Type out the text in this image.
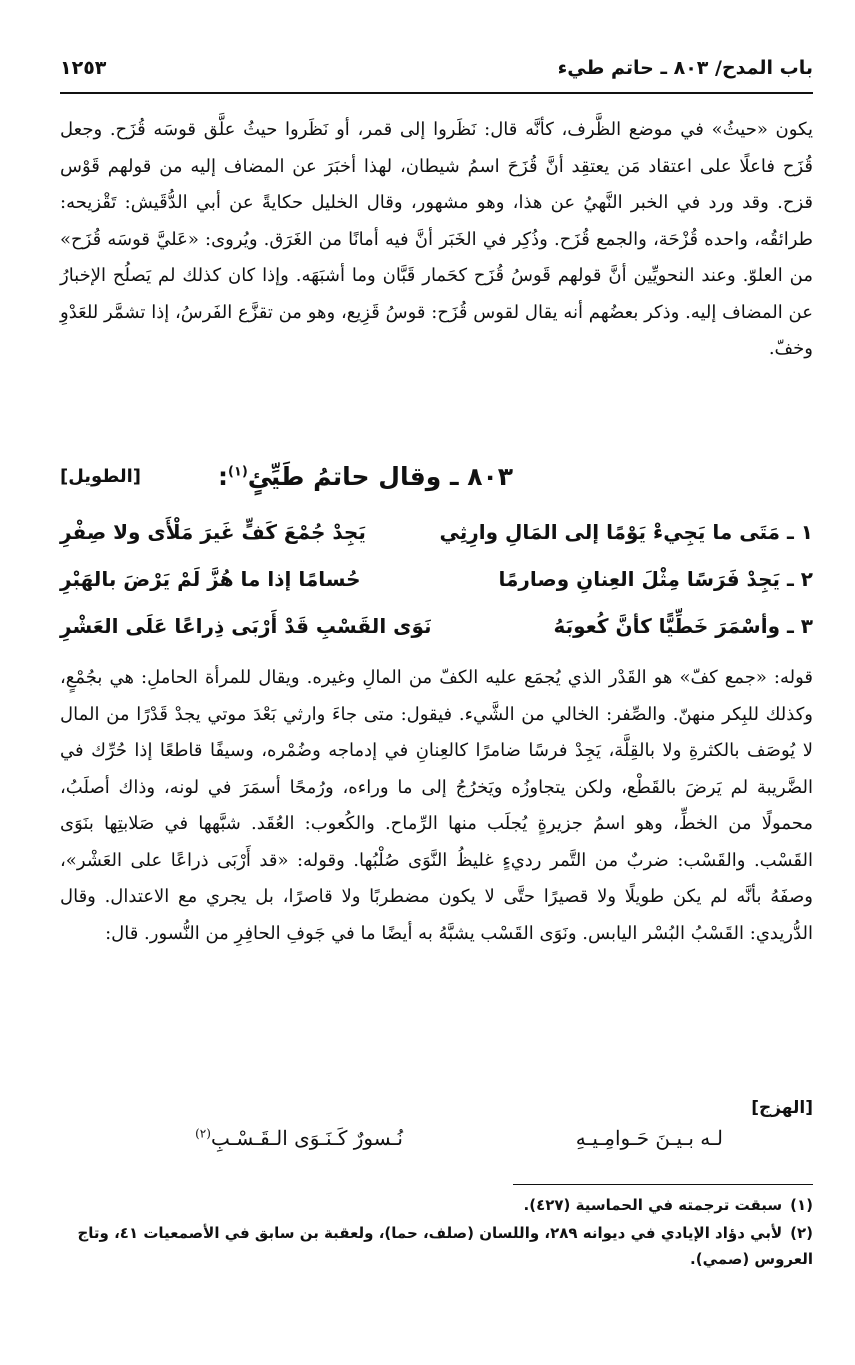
باب المدح/ ٨٠٣ ـ حاتم طيء
١٢٥٣

يكون «حيثُ» في موضع الظَّرف، كأنَّه قال: نَظَروا إلى قمر، أو نَظَروا حيثُ علَّق قوسَه قُزَح. وجعل قُزَح فاعلًا على اعتقاد مَن يعتقِد أنَّ قُزَحَ اسمُ شيطان، لهذا أخبَرَ عن المضاف إليه من قولهم قَوْس قزح. وقد ورد في الخبر النَّهيُ عن هذا، وهو مشهور، وقال الخليل حكايةً عن أبي الدُّقَيش: تَقْزيحه: طرائقُه، واحده قُزْحَة، والجمع قُزَح. وذُكِر في الخَبَر أنَّ فيه أمانًا من الغَرَق. ويُروى: «عَليَّ قوسَه قُزَح» من العلوّ. وعند النحويِّين أنَّ قولهم قَوسُ قُزَح كحَمار قَبَّان وما أشبَهَه. وإذا كان كذلك لم يَصلُح الإخبارُ عن المضاف إليه. وذكر بعضُهم أنه يقال لقوس قُزَح: قوسُ قَزِيع، وهو من تقزَّع الفَرسُ، إذا تشمَّر للعَدْوِ وخفّ.

٨٠٣ ـ وقال حاتمُ طَيِّئٍ$^{(١)}$:
[الطويل]
١ ـ مَتَى ما يَجِيءْ يَوْمًا إلى المَالِ وارِثِي
يَجِدْ جُمْعَ كَفٍّ غَيرَ مَلْأَى ولا صِفْرِ
٢ ـ يَجِدْ فَرَسًا مِثْلَ العِنانِ وصارمًا
حُسامًا إذا ما هُزَّ لَمْ يَرْضَ بالهَبْرِ
٣ ـ وأسْمَرَ خَطِّيًّا كأنَّ كُعوبَهُ
نَوَى القَسْبِ قَدْ أَرْبَى ذِراعًا عَلَى العَشْرِ

قوله: «جمع كفّ» هو القَدْر الذي يُجمَع عليه الكفّ من المالِ وغيره. ويقال للمرأة الحاملِ: هي بجُمْعٍ، وكذلك للبِكر منهنّ. والصِّفر: الخالي من الشَّيء. فيقول: متى جاءَ وارثي بَعْدَ موتي يجدْ قَدْرًا من المال لا يُوصَف بالكثرةِ ولا بالقِلَّة، يَجِدْ فرسًا ضامرًا كالعِنانِ في إدماجه وضُمْره، وسيفًا قاطعًا إذا حُرِّك في الضَّريبة لم يَرضَ بالقَطْع، ولكن يتجاوزُه ويَخرُجُ إلى ما وراءه، ورُمحًا أسمَرَ في لونه، وذاك أصلَبُ، محمولًا من الخطِّ، وهو اسمُ جزيرةٍ يُجلَب منها الرِّماح. والكُعوب: العُقَد. شبَّهها في صَلابتِها بنَوَى القَسْب. والقَسْب: ضربٌ من التَّمر رديءٍ غليظُ النَّوَى صُلْبُها. وقوله: «قد أَرْبَى ذراعًا على العَشْر»، وصفَهُ بأنَّه لم يكن طويلًا ولا قصيرًا حتَّى لا يكون مضطربًا ولا قاصرًا، بل يجري مع الاعتدال. وقال الدُّريدي: القَسْبُ البُسْر اليابس. ونَوَى القَسْب يشبَّهُ به أيضًا ما في جَوفِ الحافِرِ من النُّسور. قال:

[الهزج]
لـه بـيـنَ حَـوامِـيـهِ
نُـسورٌ كَـنَـوَى الـقَـسْـبِ$^{(٢)}$

(١)سبقت ترجمته في الحماسية (٤٢٧).

(٢)لأبي دؤاد الإيادي في ديوانه ٢٨٩، واللسان (صلف، حما)، ولعقبة بن سابق في الأصمعيات ٤١، وتاج العروس (صمي).
